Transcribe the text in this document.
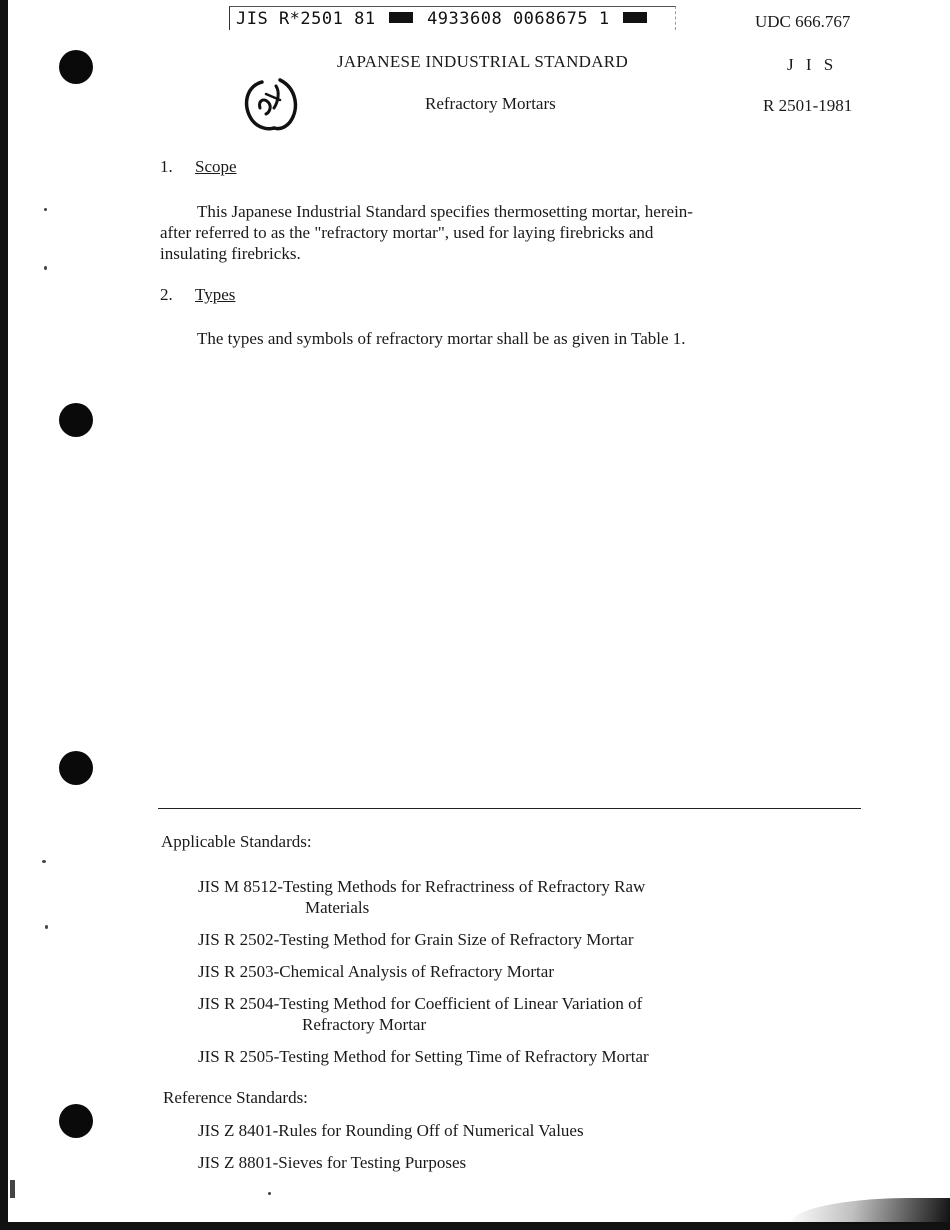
JIS R*2501 81	4933608 0068675 1	UDC 666.767
JAPANESE INDUSTRIAL STANDARD	J I S
Refractory Mortars	R 2501-1981
1. Scope
This Japanese Industrial Standard specifies thermosetting mortar, herein-
after referred to as the "refractory mortar", used for laying firebricks and
insulating firebricks.
2. Types
The types and symbols of refractory mortar shall be as given in Table 1.
Applicable Standards:
JIS M 8512-Testing Methods for Refractriness of Refractory Raw
Materials
JIS R 2502-Testing Method for Grain Size of Refractory Mortar
JIS R 2503-Chemical Analysis of Refractory Mortar
JIS R 2504-Testing Method for Coefficient of Linear Variation of
Refractory Mortar
JIS R 2505-Testing Method for Setting Time of Refractory Mortar
Reference Standards:
JIS Z 8401-Rules for Rounding Off of Numerical Values
JIS Z 8801-Sieves for Testing Purposes
